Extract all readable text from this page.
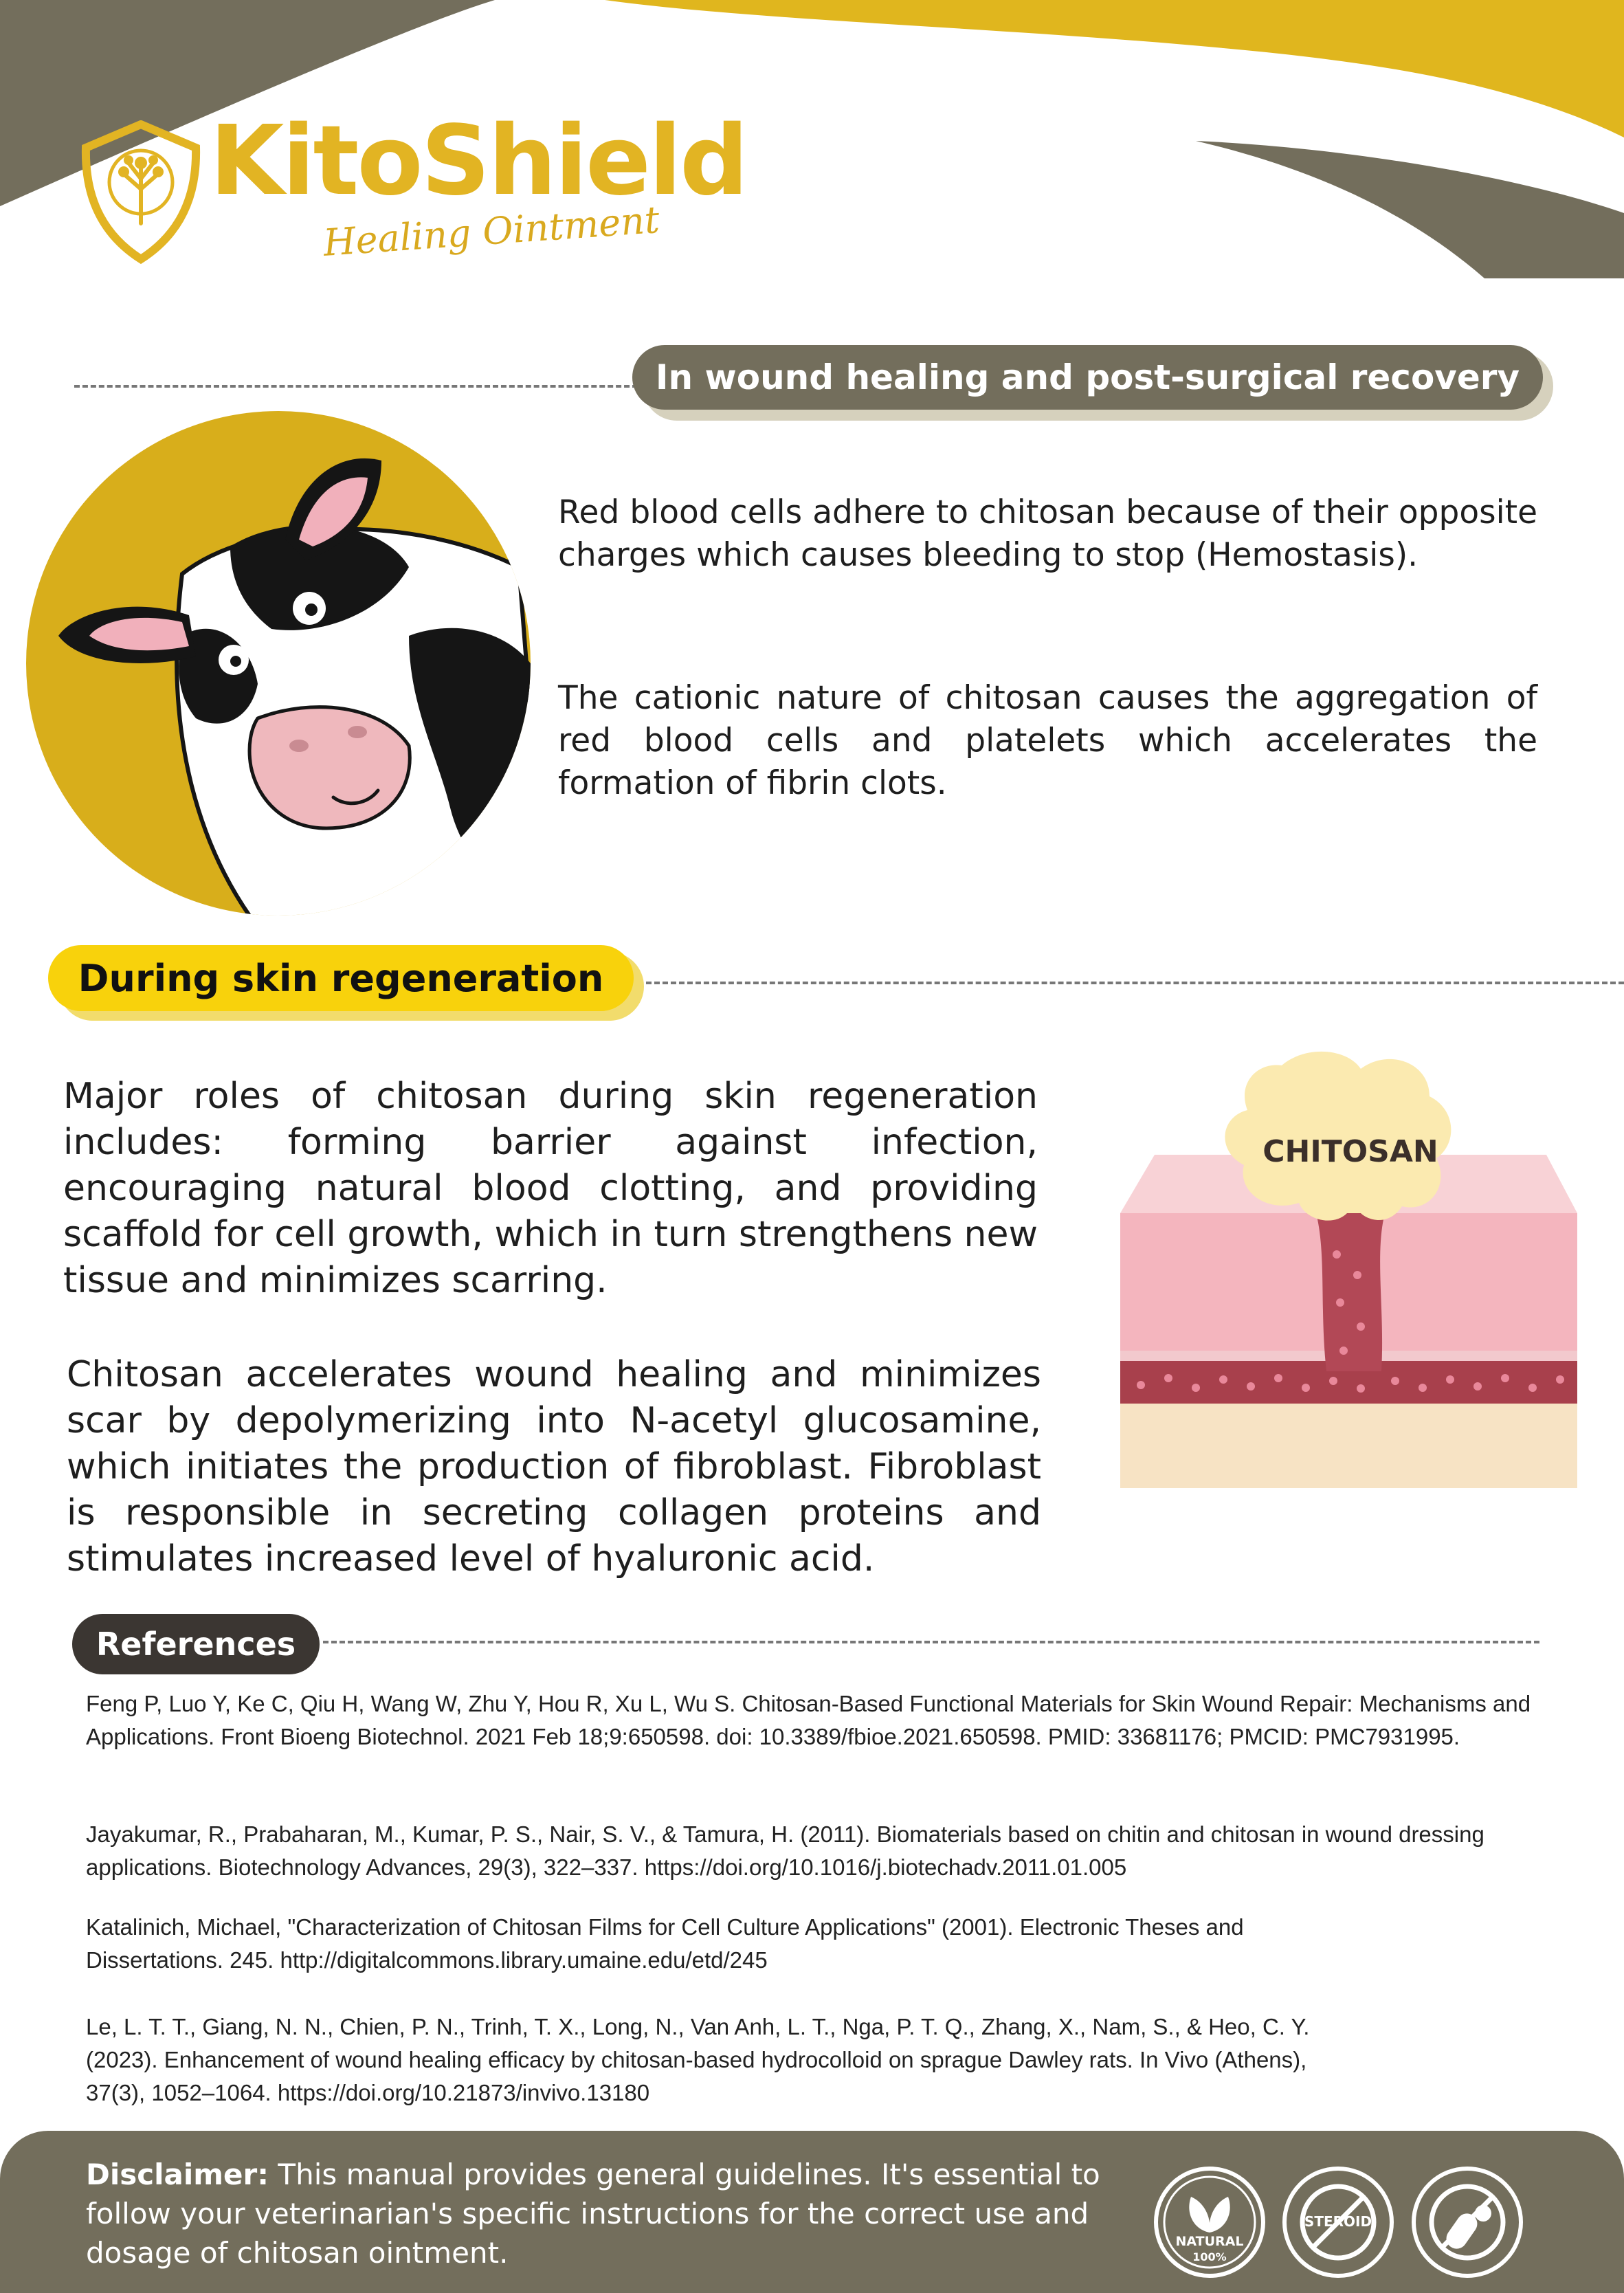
KitoShield
Healing Ointment
In wound healing and post-surgical recovery

Red blood cells adhere to chitosan because of their opposite charges which causes bleeding to stop (Hemostasis).

The cationic nature of chitosan causes the aggregation of red blood cells and platelets which accelerates the formation of fibrin clots.

During skin regeneration

Major roles of chitosan during skin regeneration includes: forming barrier against infection, encouraging natural blood clotting, and providing scaffold for cell growth, which in turn strengthens new tissue and minimizes scarring.

Chitosan accelerates wound healing and minimizes scar by depolymerizing into N-acetyl glucosamine, which initiates the production of fibroblast. Fibroblast is responsible in secreting collagen proteins and stimulates increased level of hyaluronic acid.

CHITOSAN
References

Feng P, Luo Y, Ke C, Qiu H, Wang W, Zhu Y, Hou R, Xu L, Wu S. Chitosan-Based Functional Materials for Skin Wound Repair: Mechanisms and Applications. Front Bioeng Biotechnol. 2021 Feb 18;9:650598. doi: 10.3389/fbioe.2021.650598. PMID: 33681176; PMCID: PMC7931995.

Jayakumar, R., Prabaharan, M., Kumar, P. S., Nair, S. V., & Tamura, H. (2011). Biomaterials based on chitin and chitosan in wound dressing applications. Biotechnology Advances, 29(3), 322–337. https://doi.org/10.1016/j.biotechadv.2011.01.005

Katalinich, Michael, "Characterization of Chitosan Films for Cell Culture Applications" (2001). Electronic Theses and Dissertations. 245. http://digitalcommons.library.umaine.edu/etd/245

Le, L. T. T., Giang, N. N., Chien, P. N., Trinh, T. X., Long, N., Van Anh, L. T., Nga, P. T. Q., Zhang, X., Nam, S., & Heo, C. Y. (2023). Enhancement of wound healing efficacy by chitosan-based hydrocolloid on sprague Dawley rats. In Vivo (Athens), 37(3), 1052–1064. https://doi.org/10.21873/invivo.13180

Disclaimer: This manual provides general guidelines. It's essential to follow your veterinarian's specific instructions for the correct use and dosage of chitosan ointment.	NATURAL
100%
STEROID
